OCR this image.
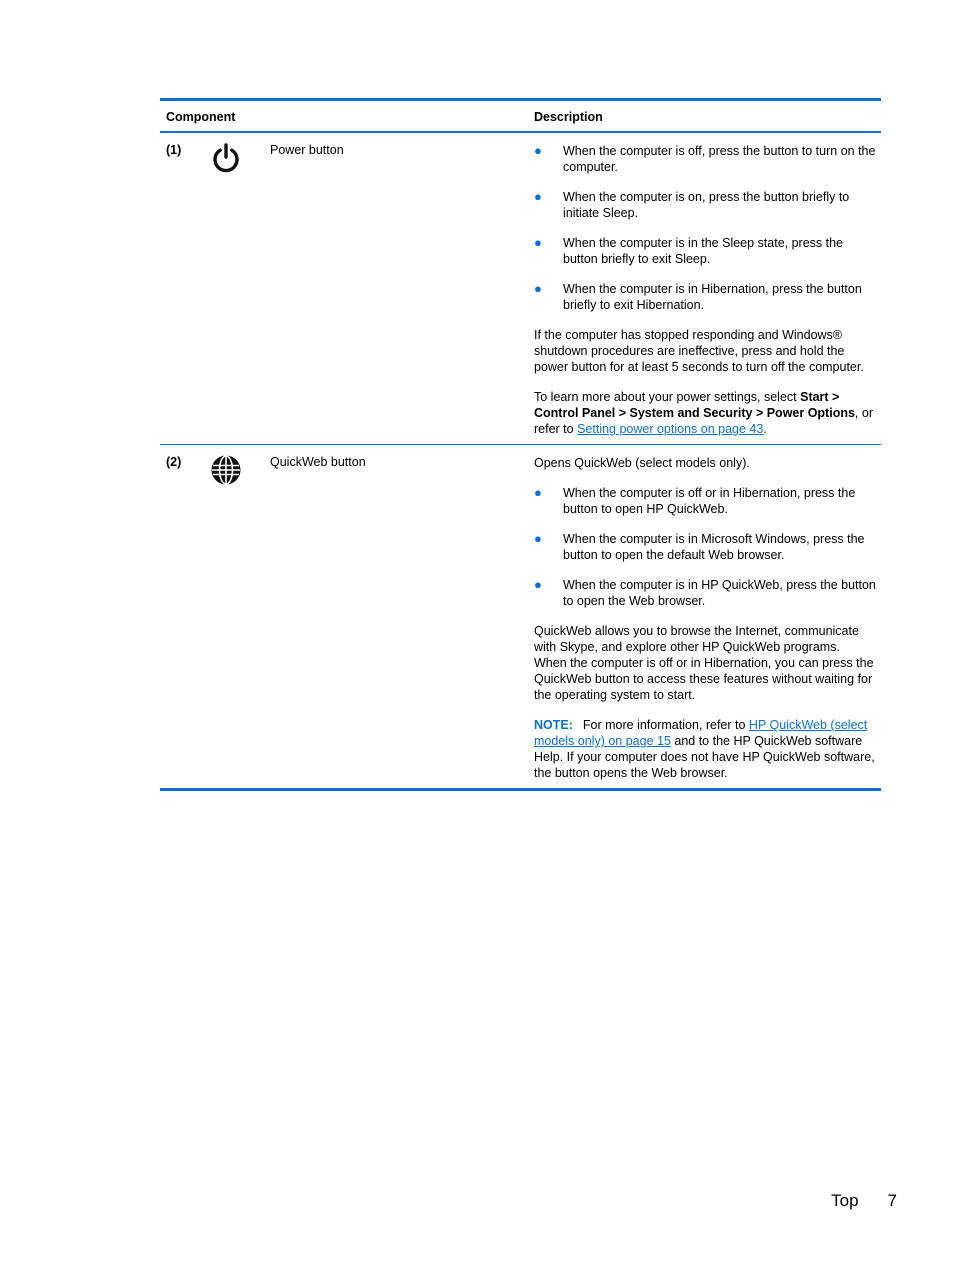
Component	Description
(1)	Power button	● When the computer is off, press the button to turn on the computer.
● When the computer is on, press the button briefly to initiate Sleep.
● When the computer is in the Sleep state, press the button briefly to exit Sleep.
● When the computer is in Hibernation, press the button briefly to exit Hibernation.

If the computer has stopped responding and Windows® shutdown procedures are ineffective, press and hold the power button for at least 5 seconds to turn off the computer.

To learn more about your power settings, select Start > Control Panel > System and Security > Power Options, or refer to Setting power options on page 43.

(2)	QuickWeb button	Opens QuickWeb (select models only).

● When the computer is off or in Hibernation, press the button to open HP QuickWeb.
● When the computer is in Microsoft Windows, press the button to open the default Web browser.
● When the computer is in HP QuickWeb, press the button to open the Web browser.

QuickWeb allows you to browse the Internet, communicate with Skype, and explore other HP QuickWeb programs. When the computer is off or in Hibernation, you can press the QuickWeb button to access these features without waiting for the operating system to start.

NOTE: For more information, refer to HP QuickWeb (select models only) on page 15 and to the HP QuickWeb software Help. If your computer does not have HP QuickWeb software, the button opens the Web browser.

Top 7
